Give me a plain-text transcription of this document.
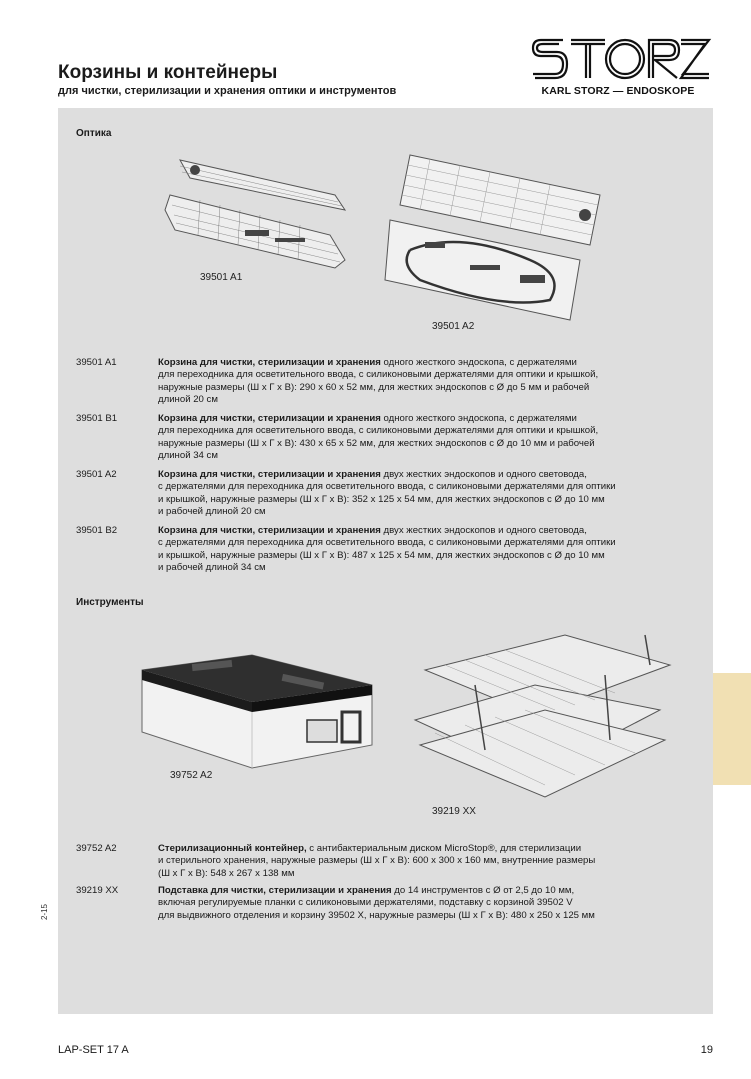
Корзины и контейнеры
для чистки, стерилизации и хранения оптики и инструментов	KARL STORZ — ENDOSKOPE
Оптика
39501 A1
39501 A2
39501 A1	Корзина для чистки, стерилизации и хранения одного жесткого эндоскопа, с держателями
для переходника для осветительного ввода, с силиконовыми держателями для оптики и крышкой,
наружные размеры (Ш x Г x В): 290 x 60 x 52 мм, для жестких эндоскопов с Ø до 5 мм и рабочей
длиной 20 см
39501 B1	Корзина для чистки, стерилизации и хранения одного жесткого эндоскопа, с держателями
для переходника для осветительного ввода, с силиконовыми держателями для оптики и крышкой,
наружные размеры (Ш x Г x В): 430 x 65 x 52 мм, для жестких эндоскопов с Ø до 10 мм и рабочей
длиной 34 см
39501 A2	Корзина для чистки, стерилизации и хранения двух жестких эндоскопов и одного световода,
с держателями для переходника для осветительного ввода, с силиконовыми держателями для оптики
и крышкой, наружные размеры (Ш x Г x В): 352 x 125 x 54 мм, для жестких эндоскопов с Ø до 10 мм
и рабочей длиной 20 см
39501 B2	Корзина для чистки, стерилизации и хранения двух жестких эндоскопов и одного световода,
с держателями для переходника для осветительного ввода, с силиконовыми держателями для оптики
и крышкой, наружные размеры (Ш x Г x В): 487 x 125 x 54 мм, для жестких эндоскопов с Ø до 10 мм
и рабочей длиной 34 см
Инструменты
39752 A2
39219 XX
39752 A2	Стерилизационный контейнер, с антибактериальным диском MicroStop®, для стерилизации
и стерильного хранения, наружные размеры (Ш x Г x В): 600 x 300 x 160 мм, внутренние размеры
(Ш x Г x В): 548 x 267 x 138 мм
39219 XX	Подставка для чистки, стерилизации и хранения до 14 инструментов с Ø от 2,5 до 10 мм,
включая регулируемые планки с силиконовыми держателями, подставку с корзиной 39502 V
для выдвижного отделения и корзину 39502 X, наружные размеры (Ш x Г x В): 480 x 250 x 125 мм
2-15
LAP-SET 17 A	19
